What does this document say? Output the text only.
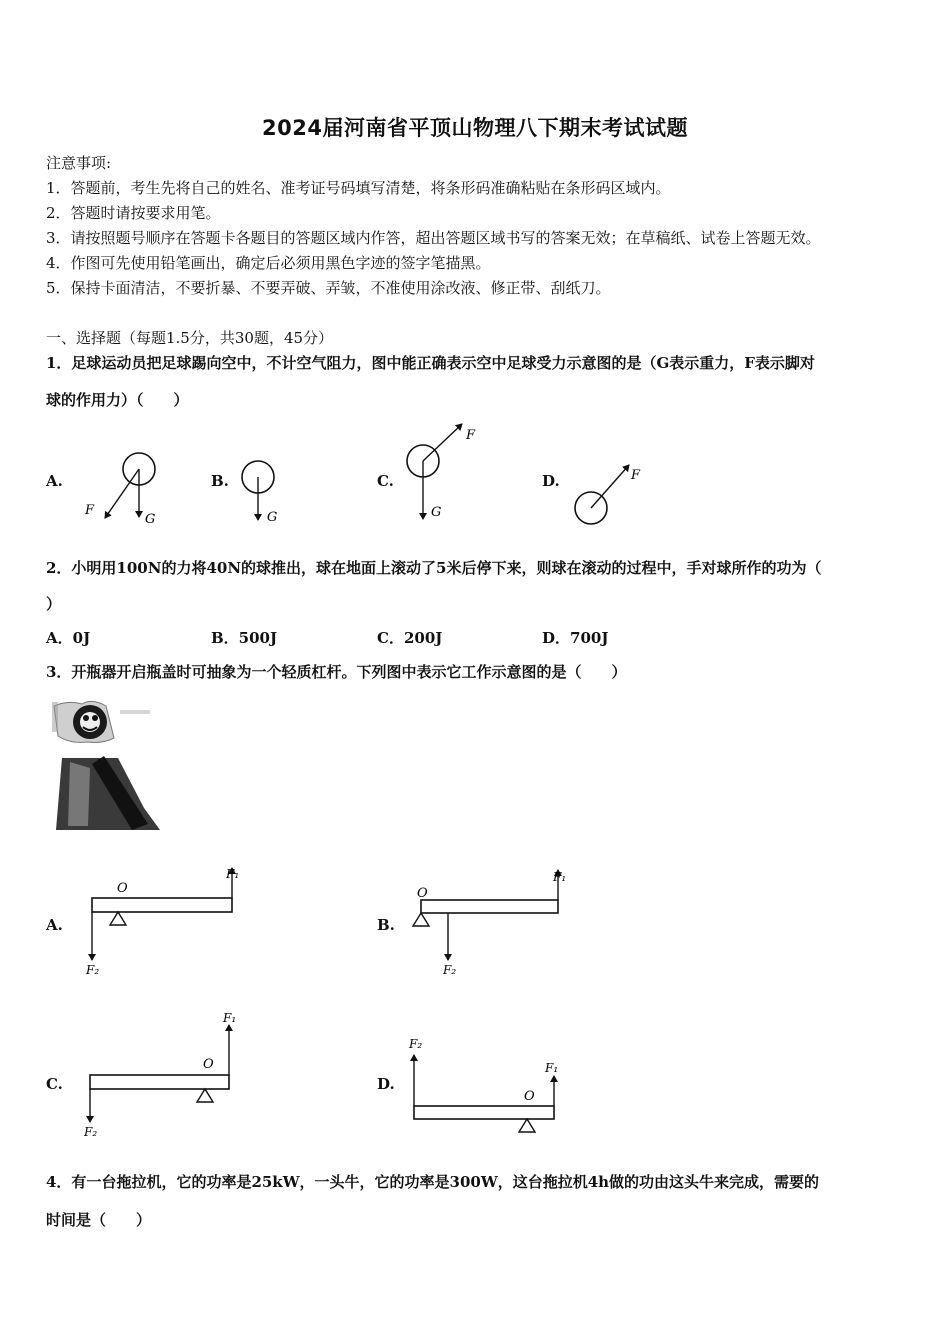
2024届河南省平顶山物理八下期末考试试题
注意事项:
1．答题前，考生先将自己的姓名、准考证号码填写清楚，将条形码准确粘贴在条形码区域内。
2．答题时请按要求用笔。
3．请按照题号顺序在答题卡各题目的答题区域内作答，超出答题区域书写的答案无效；在草稿纸、试卷上答题无效。
4．作图可先使用铅笔画出，确定后必须用黑色字迹的签字笔描黑。
5．保持卡面清洁，不要折暴、不要弄破、弄皱，不准使用涂改液、修正带、刮纸刀。
一、选择题（每题1.5分，共30题，45分）
1．足球运动员把足球踢向空中，不计空气阻力，图中能正确表示空中足球受力示意图的是（G表示重力，F表示脚对
球的作用力）（　　）
A.	B.	C.	D.
F
G	G
F
G
F
2．小明用100N的力将40N的球推出，球在地面上滚动了5米后停下来，则球在滚动的过程中，手对球所作的功为（
）
A．0J	B．500J	C．200J	D．700J
3．开瓶器开启瓶盖时可抽象为一个轻质杠杆。下列图中表示它工作示意图的是（　　）
A.	B.
C.	D.
O
F₁
F₂
O
F₁
F₂
O
F₁
F₂
O
F₂
F₁
4．有一台拖拉机，它的功率是25kW，一头牛，它的功率是300W，这台拖拉机4h做的功由这头牛来完成，需要的
时间是（　　）
